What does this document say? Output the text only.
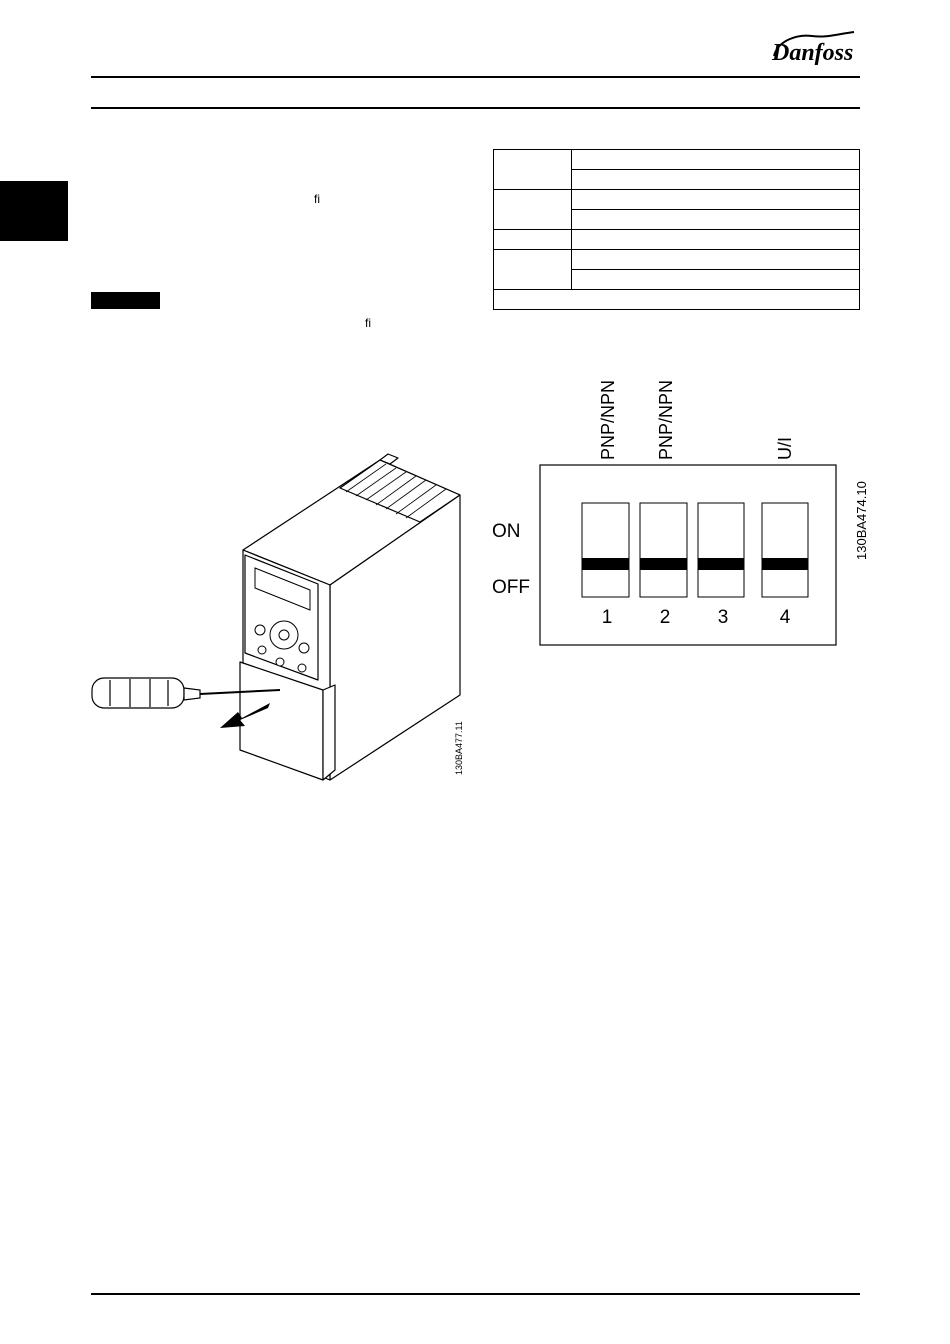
Danfoss
fi
fi

PNP/NPN PNP/NPN	U/I
ON
OFF
1 2 3	4
130BA474.10
130BA477.11
